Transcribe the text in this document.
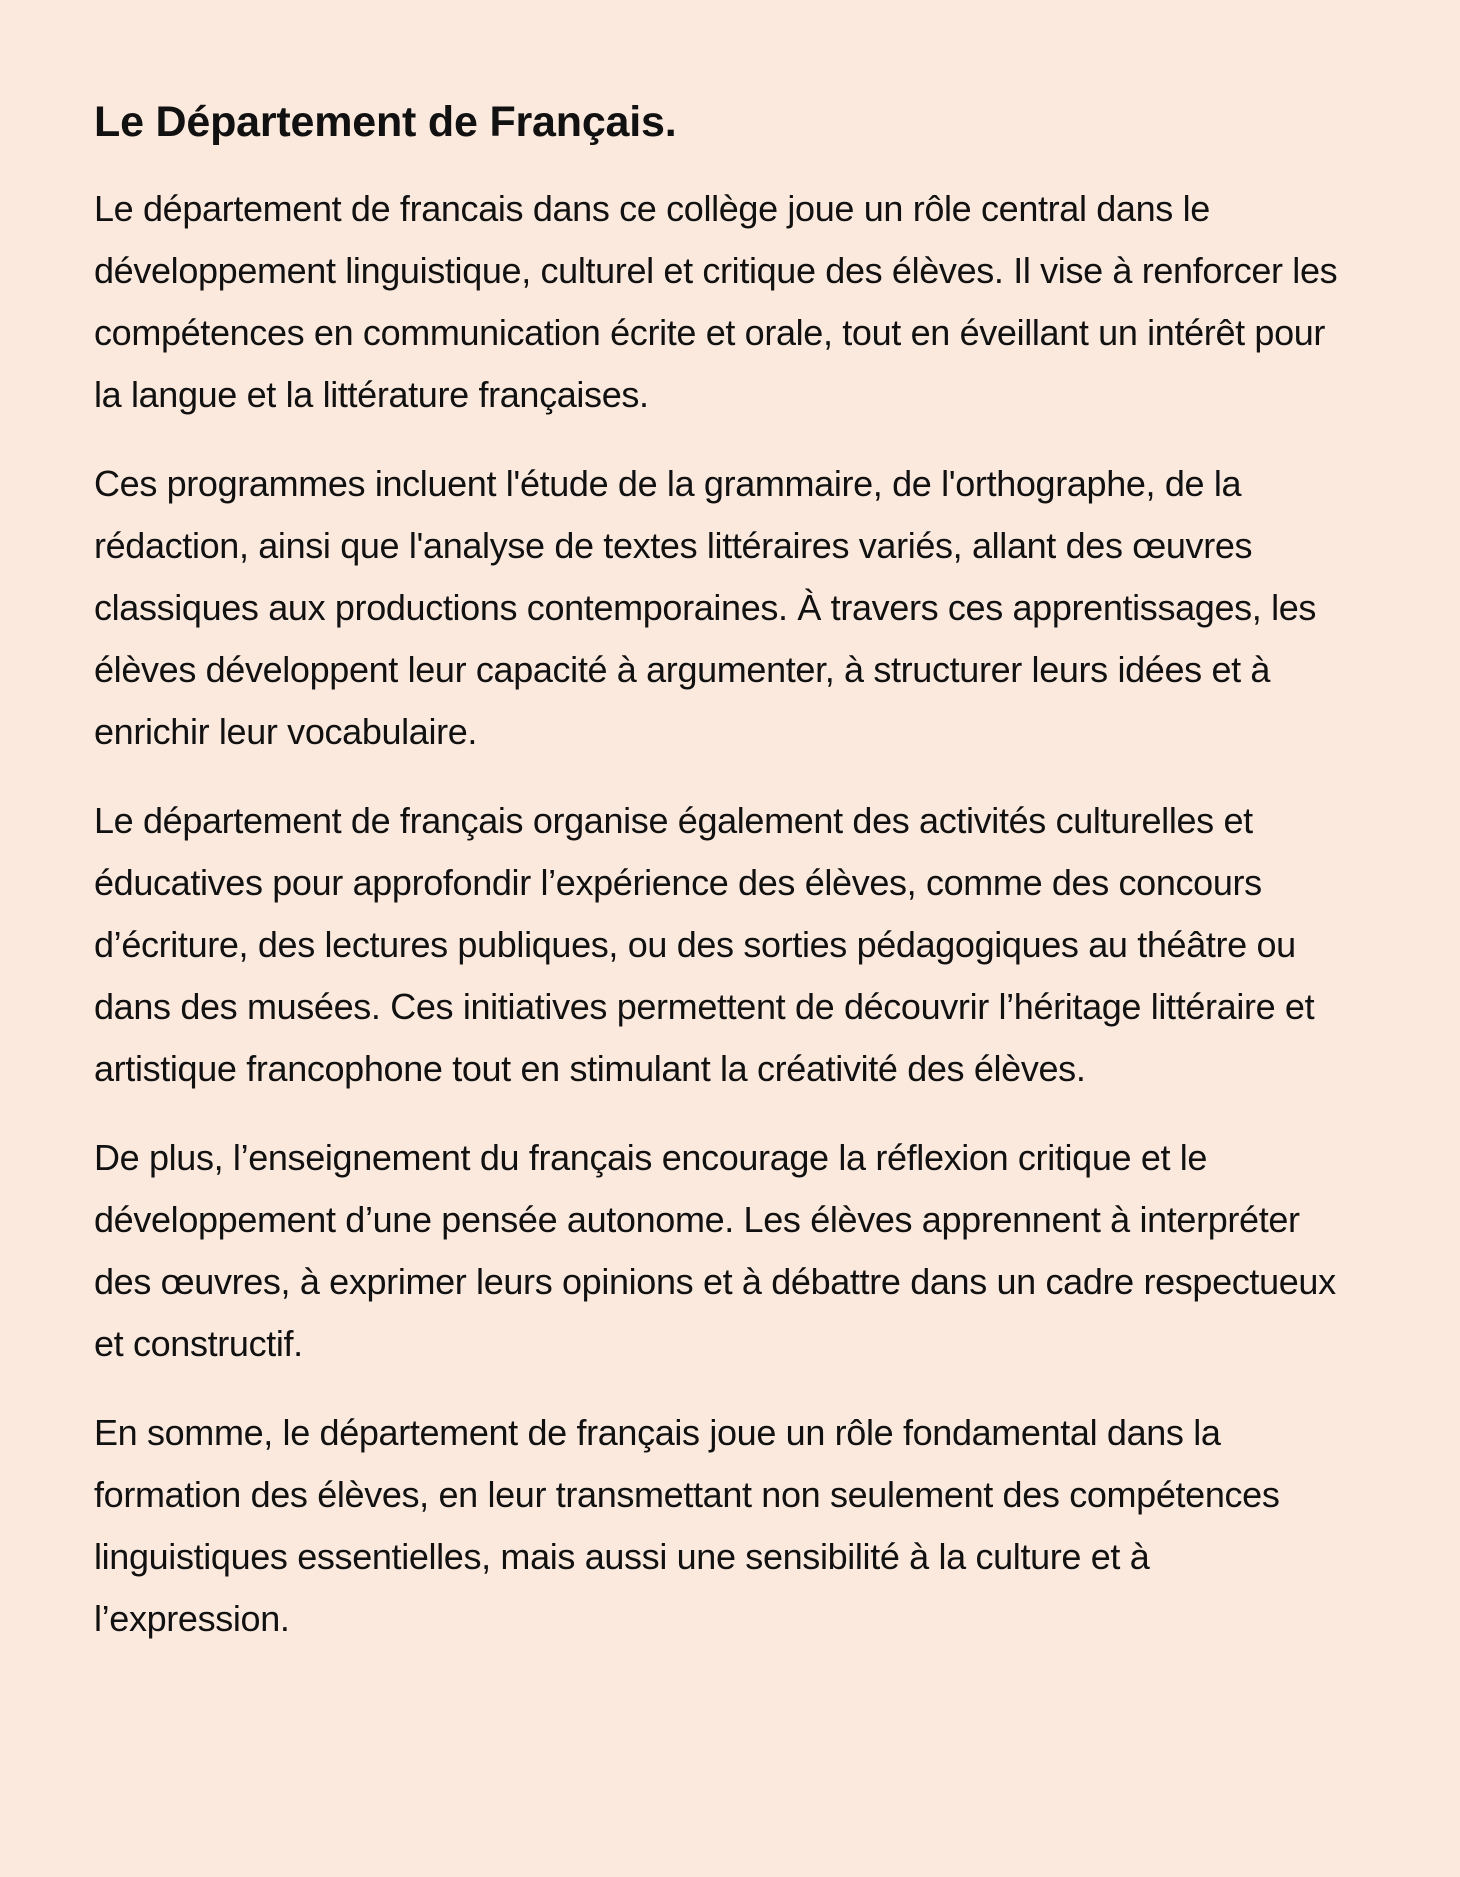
Le Département de Français.

Le département de francais dans ce collège joue un rôle central dans le développement linguistique, culturel et critique des élèves. Il vise à renforcer les compétences en communication écrite et orale, tout en éveillant un intérêt pour la langue et la littérature françaises.

Ces programmes incluent l'étude de la grammaire, de l'orthographe, de la rédaction, ainsi que l'analyse de textes littéraires variés, allant des œuvres classiques aux productions contemporaines. À travers ces apprentissages, les élèves développent leur capacité à argumenter, à structurer leurs idées et à enrichir leur vocabulaire.

Le département de français organise également des activités culturelles et éducatives pour approfondir l’expérience des élèves, comme des concours d’écriture, des lectures publiques, ou des sorties pédagogiques au théâtre ou dans des musées. Ces initiatives permettent de découvrir l’héritage littéraire et artistique francophone tout en stimulant la créativité des élèves.

De plus, l’enseignement du français encourage la réflexion critique et le développement d’une pensée autonome. Les élèves apprennent à interpréter des œuvres, à exprimer leurs opinions et à débattre dans un cadre respectueux et constructif.

En somme, le département de français joue un rôle fondamental dans la formation des élèves, en leur transmettant non seulement des compétences linguistiques essentielles, mais aussi une sensibilité à la culture et à l’expression.
